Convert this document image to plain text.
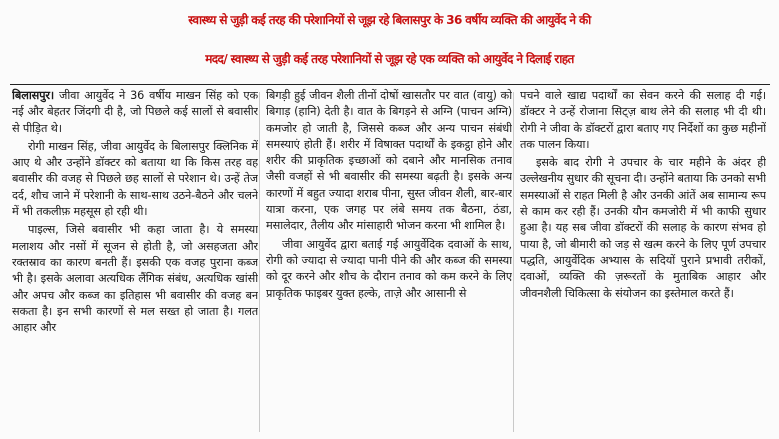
स्वास्थ्य से जुड़ी कई तरह की परेशानियों से जूझ रहे बिलासपुर के 36 वर्षीय व्यक्ति की आयुर्वेद ने की
मदद/ स्वास्थ्य से जुड़ी कई तरह परेशानियों से जूझ रहे एक व्यक्ति को आयुर्वेद ने दिलाई राहत

बिलासपुर। जीवा आयुर्वेद ने 36 वर्षीय माखन सिंह को एक नई और बेहतर जिंदगी दी है, जो पिछले कई सालों से बवासीर से पीड़ित थे।

रोगी माखन सिंह, जीवा आयुर्वेद के बिलासपुर क्लिनिक में आए थे और उन्होंने डॉक्टर को बताया था कि किस तरह वह बवासीर की वजह से पिछले छह सालों से परेशान थे। उन्हें तेज दर्द, शौच जाने में परेशानी के साथ-साथ उठने-बैठने और चलने में भी तकलीफ़ महसूस हो रही थी।

पाइल्स, जिसे बवासीर भी कहा जाता है। ये समस्या मलाशय और नसों में सूजन से होती है, जो असहजता और रक्तस्राव का कारण बनती हैं। इसकी एक वजह पुराना कब्ज भी है। इसके अलावा अत्यधिक लैंगिक संबंध, अत्यधिक खांसी और अपच और कब्ज का इतिहास भी बवासीर की वजह बन सकता है। इन सभी कारणों से मल सख्त हो जाता है। गलत आहार और

बिगड़ी हुई जीवन शैली तीनों दोषों खासतौर पर वात (वायु) को बिगाड़ (हानि) देती है। वात के बिगड़ने से अग्नि (पाचन अग्नि) कमजोर हो जाती है, जिससे कब्ज और अन्य पाचन संबंधी समस्याएं होती हैं। शरीर में विषाक्त पदार्थों के इकट्ठा होने और शरीर की प्राकृतिक इच्छाओं को दबाने और मानसिक तनाव जैसी वजहों से भी बवासीर की समस्या बढ़ती है। इसके अन्य कारणों में बहुत ज्यादा शराब पीना, सुस्त जीवन शैली, बार-बार यात्रा करना, एक जगह पर लंबे समय तक बैठना, ठंडा, मसालेदार, तैलीय और मांसाहारी भोजन करना भी शामिल है।

जीवा आयुर्वेद द्वारा बताई गई आयुर्वेदिक दवाओं के साथ, रोगी को ज्यादा से ज्यादा पानी पीने की और कब्ज की समस्या को दूर करने और शौच के दौरान तनाव को कम करने के लिए प्राकृतिक फाइबर युक्त हल्के, ताज़े और आसानी से

पचने वाले खाद्य पदार्थों का सेवन करने की सलाह दी गई। डॉक्टर ने उन्हें रोजाना सिट्ज़ बाथ लेने की सलाह भी दी थी। रोगी ने जीवा के डॉक्टरों द्वारा बताए गए निर्देशों का कुछ महीनों तक पालन किया।

इसके बाद रोगी ने उपचार के चार महीने के अंदर ही उल्लेखनीय सुधार की सूचना दी। उन्होंने बताया कि उनको सभी समस्याओं से राहत मिली है और उनकी आंतें अब सामान्य रूप से काम कर रही हैं। उनकी यौन कमजोरी में भी काफी सुधार हुआ है। यह सब जीवा डॉक्टरों की सलाह के कारण संभव हो पाया है, जो बीमारी को जड़ से खत्म करने के लिए पूर्ण उपचार पद्धति, आयुर्वेदिक अभ्यास के सदियों पुराने प्रभावी तरीकों, दवाओं, व्यक्ति की ज़रूरतों के मुताबिक आहार और जीवनशैली चिकित्सा के संयोजन का इस्तेमाल करते हैं।
